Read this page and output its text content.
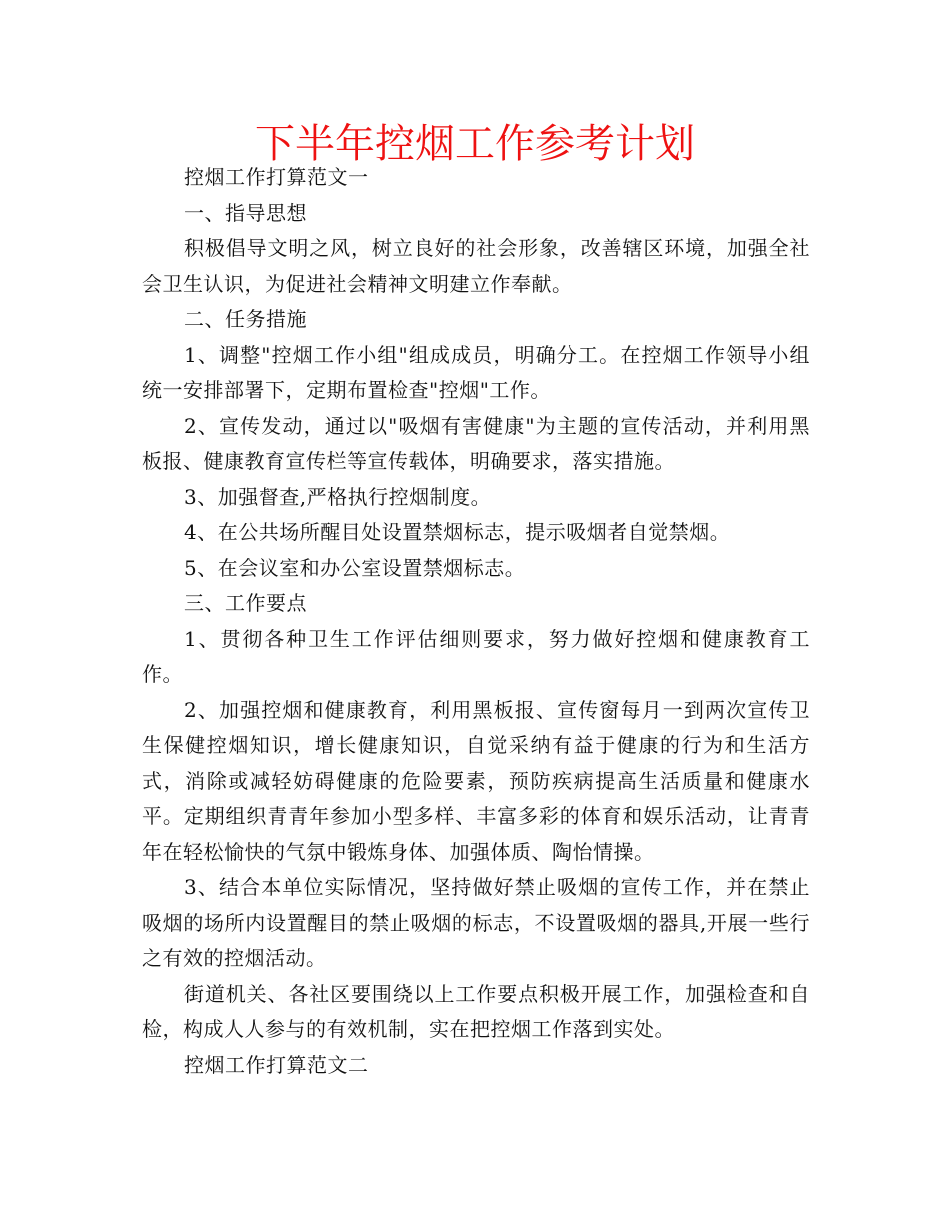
下半年控烟工作参考计划

控烟工作打算范文一

一、指导思想

积极倡导文明之风，树立良好的社会形象，改善辖区环境，加强全社会卫生认识，为促进社会精神文明建立作奉献。

二、任务措施

1、调整"控烟工作小组"组成成员，明确分工。在控烟工作领导小组统一安排部署下，定期布置检查"控烟"工作。

2、宣传发动，通过以"吸烟有害健康"为主题的宣传活动，并利用黑板报、健康教育宣传栏等宣传载体，明确要求，落实措施。

3、加强督查,严格执行控烟制度。

4、在公共场所醒目处设置禁烟标志，提示吸烟者自觉禁烟。

5、在会议室和办公室设置禁烟标志。

三、工作要点

1、贯彻各种卫生工作评估细则要求，努力做好控烟和健康教育工作。

2、加强控烟和健康教育，利用黑板报、宣传窗每月一到两次宣传卫生保健控烟知识，增长健康知识，自觉采纳有益于健康的行为和生活方式，消除或减轻妨碍健康的危险要素，预防疾病提高生活质量和健康水平。定期组织青青年参加小型多样、丰富多彩的体育和娱乐活动，让青青年在轻松愉快的气氛中锻炼身体、加强体质、陶怡情操。

3、结合本单位实际情况，坚持做好禁止吸烟的宣传工作，并在禁止吸烟的场所内设置醒目的禁止吸烟的标志，不设置吸烟的器具,开展一些行之有效的控烟活动。

街道机关、各社区要围绕以上工作要点积极开展工作，加强检查和自检，构成人人参与的有效机制，实在把控烟工作落到实处。

控烟工作打算范文二
